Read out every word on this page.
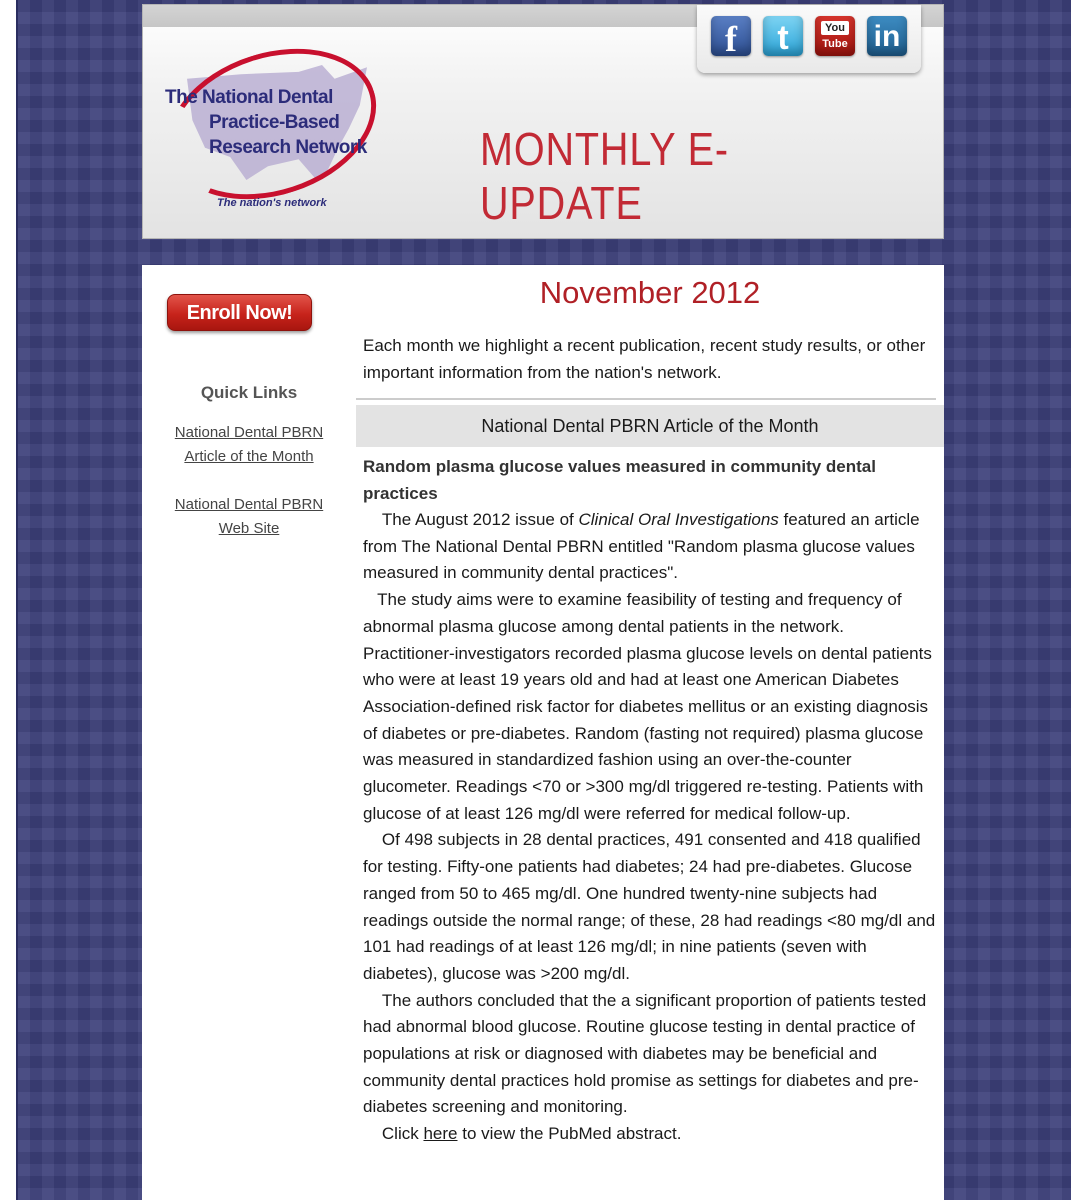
f	t	You
Tube in
The National Dental
Practice-Based
Research Network
The nation's network
MONTHLY E-UPDATE
Enroll Now!
Quick Links
National Dental PBRN Article of the Month
National Dental PBRN Web Site
November 2012

Each month we highlight a recent publication, recent study results, or other important information from the nation's network.

National Dental PBRN Article of the Month
Random plasma glucose values measured in community dental practices

The August 2012 issue of Clinical Oral Investigations featured an article from The National Dental PBRN entitled "Random plasma glucose values measured in community dental practices".

The study aims were to examine feasibility of testing and frequency of abnormal plasma glucose among dental patients in the network. Practitioner-investigators recorded plasma glucose levels on dental patients who were at least 19 years old and had at least one American Diabetes Association-defined risk factor for diabetes mellitus or an existing diagnosis of diabetes or pre-diabetes. Random (fasting not required) plasma glucose was measured in standardized fashion using an over-the-counter glucometer. Readings <70 or >300 mg/dl triggered re-testing. Patients with glucose of at least 126 mg/dl were referred for medical follow-up.

Of 498 subjects in 28 dental practices, 491 consented and 418 qualified for testing. Fifty-one patients had diabetes; 24 had pre-diabetes. Glucose ranged from 50 to 465 mg/dl. One hundred twenty-nine subjects had readings outside the normal range; of these, 28 had readings <80 mg/dl and 101 had readings of at least 126 mg/dl; in nine patients (seven with diabetes), glucose was >200 mg/dl.

The authors concluded that the a significant proportion of patients tested had abnormal blood glucose. Routine glucose testing in dental practice of populations at risk or diagnosed with diabetes may be beneficial and community dental practices hold promise as settings for diabetes and pre-diabetes screening and monitoring.

Click here to view the PubMed abstract.
